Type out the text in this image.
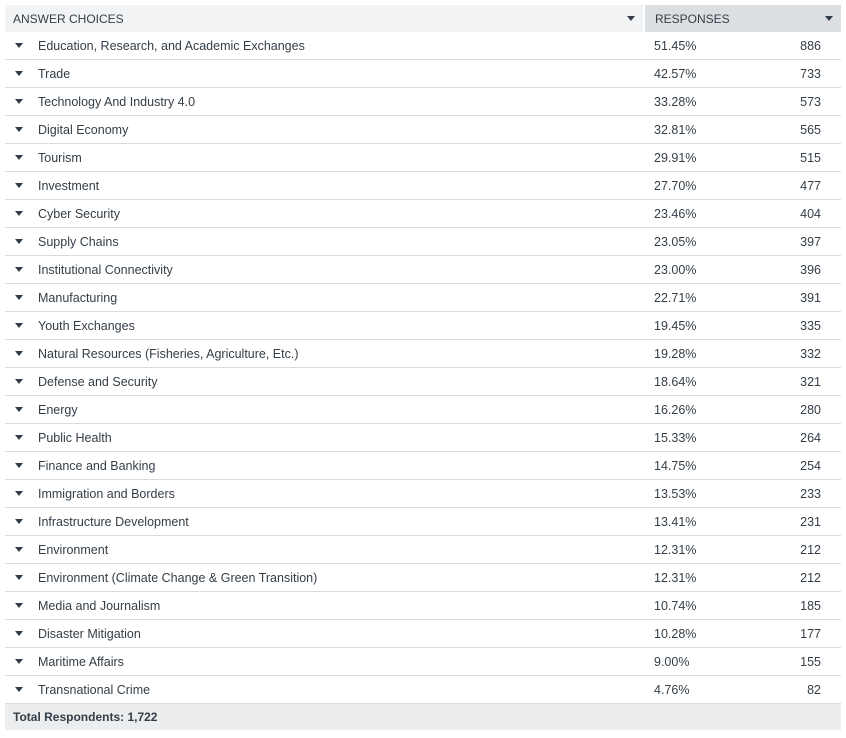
ANSWER CHOICES	RESPONSES
Education, Research, and Academic Exchanges	51.45%	886
Trade	42.57%	733
Technology And Industry 4.0	33.28%	573
Digital Economy	32.81%	565
Tourism	29.91%	515
Investment	27.70%	477
Cyber Security	23.46%	404
Supply Chains	23.05%	397
Institutional Connectivity	23.00%	396
Manufacturing	22.71%	391
Youth Exchanges	19.45%	335
Natural Resources (Fisheries, Agriculture, Etc.)	19.28%	332
Defense and Security	18.64%	321
Energy	16.26%	280
Public Health	15.33%	264
Finance and Banking	14.75%	254
Immigration and Borders	13.53%	233
Infrastructure Development	13.41%	231
Environment	12.31%	212
Environment (Climate Change & Green Transition)	12.31%	212
Media and Journalism	10.74%	185
Disaster Mitigation	10.28%	177
Maritime Affairs	9.00%	155
Transnational Crime	4.76%	82
Total Respondents: 1,722
